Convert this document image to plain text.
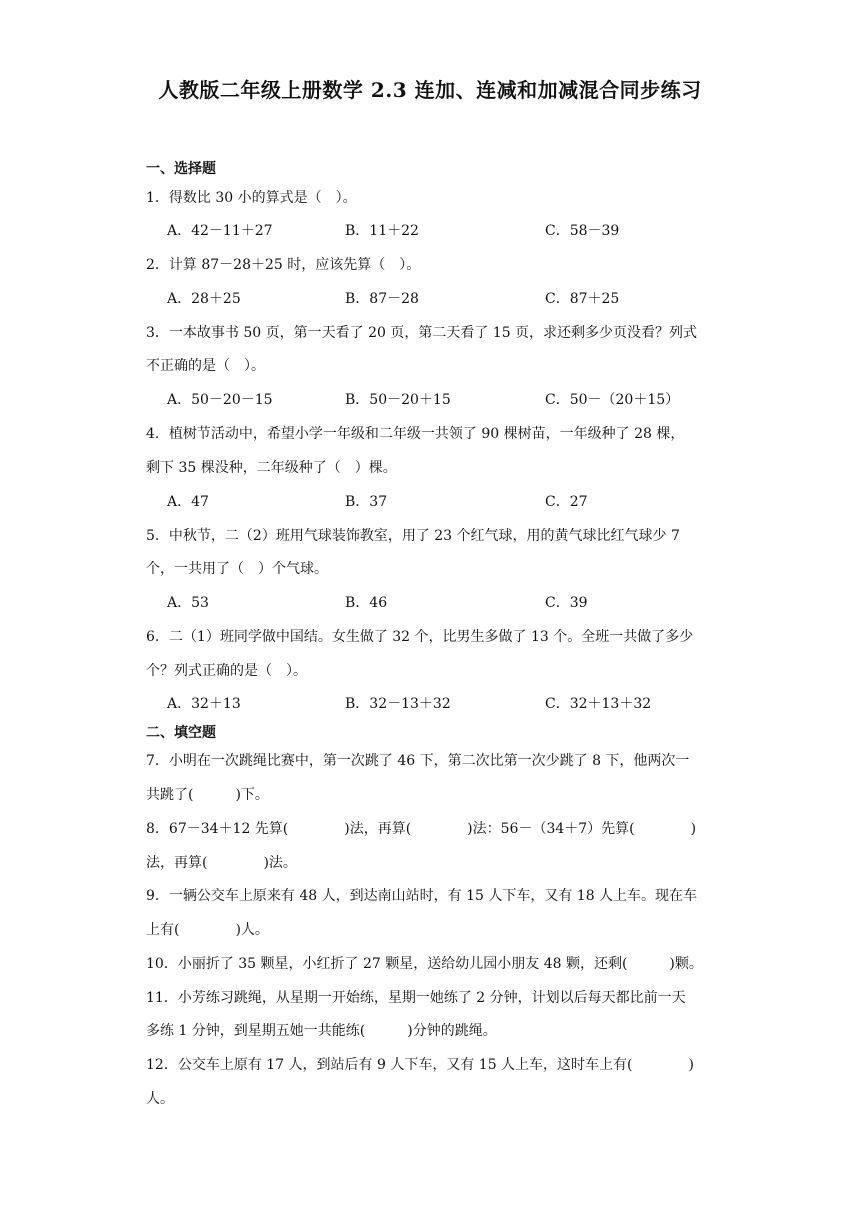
人教版二年级上册数学 2.3 连加、连减和加减混合同步练习
一、选择题
1．得数比 30 小的算式是（　）。
A．42－11＋27	B．11＋22	C．58－39
2．计算 87－28＋25 时，应该先算（　）。
A．28＋25	B．87－28	C．87＋25
3．一本故事书 50 页，第一天看了 20 页，第二天看了 15 页，求还剩多少页没看？列式
不正确的是（　）。
A．50－20－15	B．50－20＋15	C．50－（20＋15）
4．植树节活动中，希望小学一年级和二年级一共领了 90 棵树苗，一年级种了 28 棵，
剩下 35 棵没种，二年级种了（　）棵。
A．47	B．37	C．27
5．中秋节，二（2）班用气球装饰教室，用了 23 个红气球，用的黄气球比红气球少 7
个，一共用了（　）个气球。
A．53	B．46	C．39
6．二（1）班同学做中国结。女生做了 32 个，比男生多做了 13 个。全班一共做了多少
个？列式正确的是（　）。
A．32＋13	B．32－13＋32	C．32＋13＋32
二、填空题
7．小明在一次跳绳比赛中，第一次跳了 46 下，第二次比第一次少跳了 8 下，他两次一
共跳了(　　　)下。
8．67－34＋12 先算(　　　　)法，再算(　　　　)法：56－（34＋7）先算(　　　　)
法，再算(　　　　)法。
9．一辆公交车上原来有 48 人，到达南山站时，有 15 人下车，又有 18 人上车。现在车
上有(　　　　)人。
10．小丽折了 35 颗星，小红折了 27 颗星，送给幼儿园小朋友 48 颗，还剩(　　　)颗。
11．小芳练习跳绳，从星期一开始练，星期一她练了 2 分钟，计划以后每天都比前一天
多练 1 分钟，到星期五她一共能练(　　　)分钟的跳绳。
12．公交车上原有 17 人，到站后有 9 人下车，又有 15 人上车，这时车上有(　　　　)
人。
